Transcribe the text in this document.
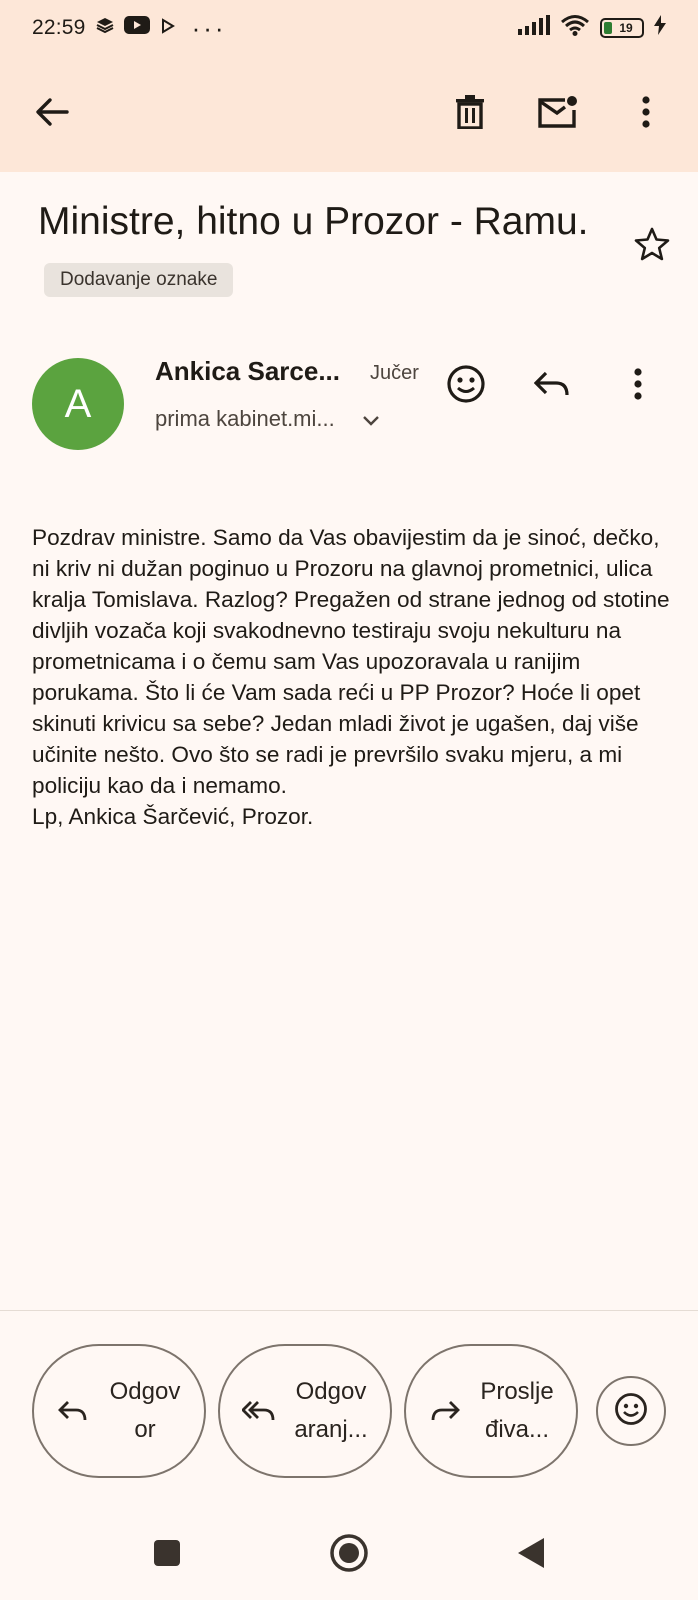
22:59	···	19
Ministre, hitno u Prozor - Ramu. Dodavanje oznake
A
Ankica Sarce... Jučer
prima kabinet.mi...
Pozdrav ministre. Samo da Vas obavijestim da je sinoć, dečko, ni kriv ni dužan poginuo u Prozoru na glavnoj prometnici, ulica kralja Tomislava. Razlog? Pregažen od strane jednog od stotine divljih vozača koji svakodnevno testiraju svoju nekulturu na prometnicama i o čemu sam Vas upozoravala u ranijim porukama. Što li će Vam sada reći u PP Prozor? Hoće li opet skinuti krivicu sa sebe? Jedan mladi život je ugašen, daj više učinite nešto. Ovo što se radi je prevršilo svaku mjeru, a mi policiju kao da i nemamo.
Lp, Ankica Šarčević, Prozor.
Odgov
or
Odgov
aranj...
Proslje
điva...
